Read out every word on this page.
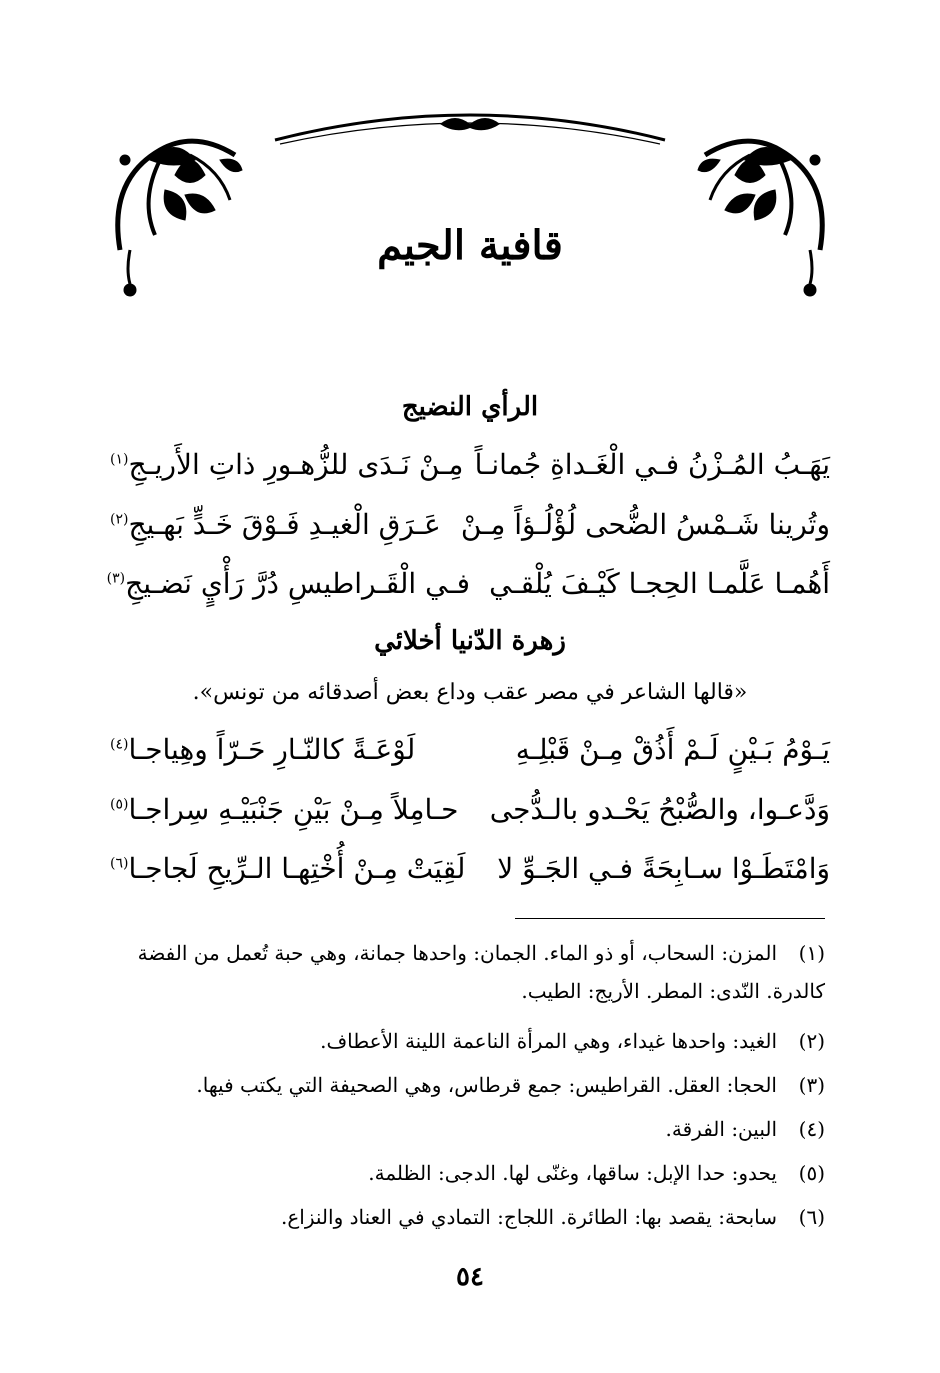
قافية الجيم
الرأي النضيج
يَهَـبُ المُـزْنُ فـي الْغَـداةِ جُمانـاً
مِـنْ نَـدَى للزُّهـورِ ذاتِ الأَريـجِ$^{(١)}$
وتُرينا شَـمْسُ الضُّحى لُؤْلُـؤاً مِـنْ
عَـرَقِ الْغيـدِ فَـوْقَ خَـدٍّ بَهـيجِ$^{(٢)}$
أَهُمـا عَلَّمـا الحِجـا كَيْـفَ يُلْقـي
فـي الْقَـراطيسِ دُرَّ رَأْيٍ نَضـيجِ$^{(٣)}$
زهرة الدّنيا أخلائي
«قالها الشاعر في مصر عقب وداع بعض أصدقائه من تونس».
يَـوْمُ بَـيْنٍ لَـمْ أَذُقْ مِـنْ قَبْلِـهِ
لَوْعَـةً كالنّـارِ حَـرّاً وهِياجـا$^{(٤)}$
وَدَّعـوا، والصُّبْحُ يَحْـدو بالـدُّجى
حـامِلاً مِـنْ بَيْنِ جَنْبَيْـهِ سِراجـا$^{(٥)}$
وَامْتَطَـوْا سـابِحَةً فـي الجَـوِّ لا
لَقِيَتْ مِـنْ أُخْتِهـا الـرِّيحِ لَجاجـا$^{(٦)}$
(١)المزن: السحاب، أو ذو الماء. الجمان: واحدها جمانة، وهي حبة تُعمل من الفضة كالدرة. النّدى: المطر. الأريج: الطيب.
(٢)الغيد: واحدها غيداء، وهي المرأة الناعمة اللينة الأعطاف.
(٣)الحجا: العقل. القراطيس: جمع قرطاس، وهي الصحيفة التي يكتب فيها.
(٤)البين: الفرقة.
(٥)يحدو: حدا الإبل: ساقها، وغنّى لها. الدجى: الظلمة.
(٦)سابحة: يقصد بها: الطائرة. اللجاج: التمادي في العناد والنزاع.
٥٤
